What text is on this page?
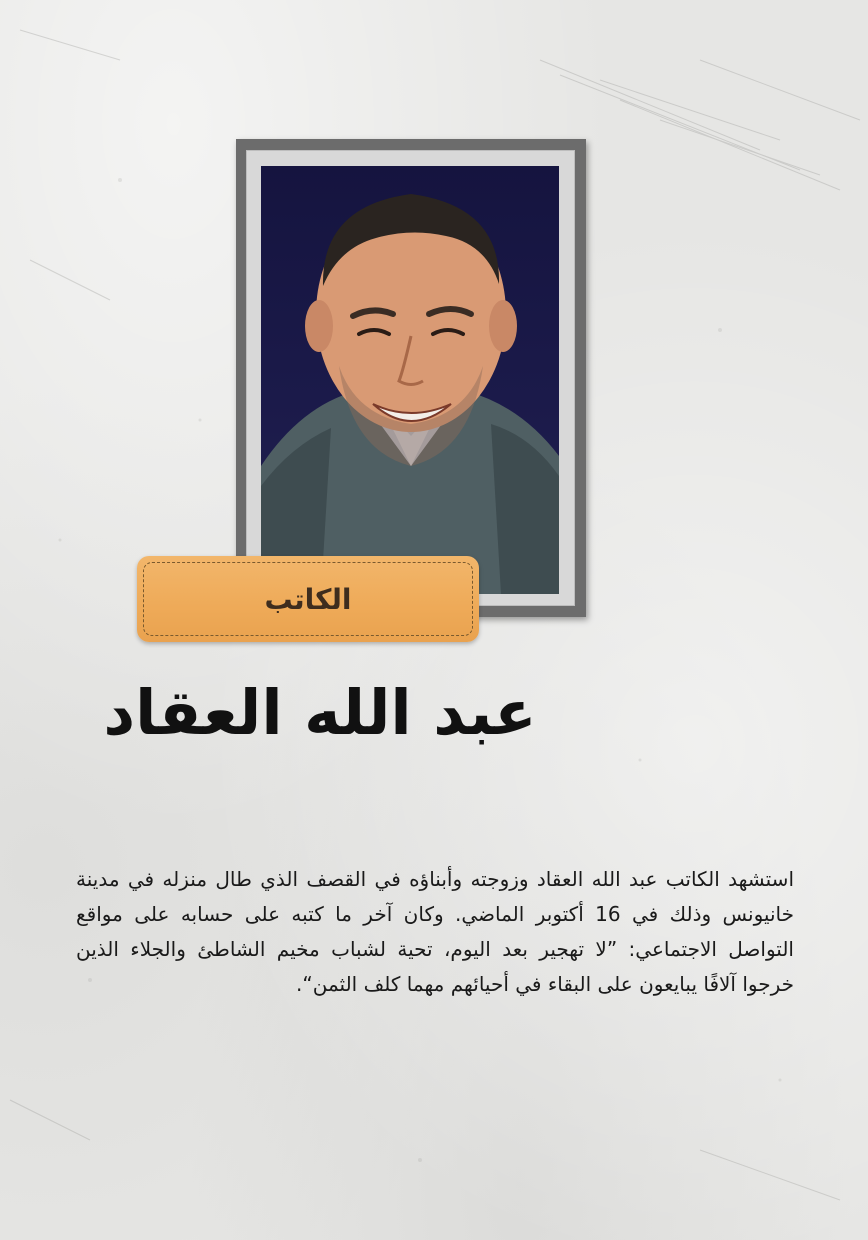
الكاتب
عبد الله العقاد
استشهد الكاتب عبد الله العقاد وزوجته وأبناؤه في القصف الذي طال منزله في مدينة خانيونس وذلك في 16 أكتوبر الماضي. وكان آخر ما كتبه على حسابه على مواقع التواصل الاجتماعي: ”لا تهجير بعد اليوم، تحية لشباب مخيم الشاطئ والجلاء الذين خرجوا آلافًا يبايعون على البقاء في أحيائهم مهما كلف الثمن“.
